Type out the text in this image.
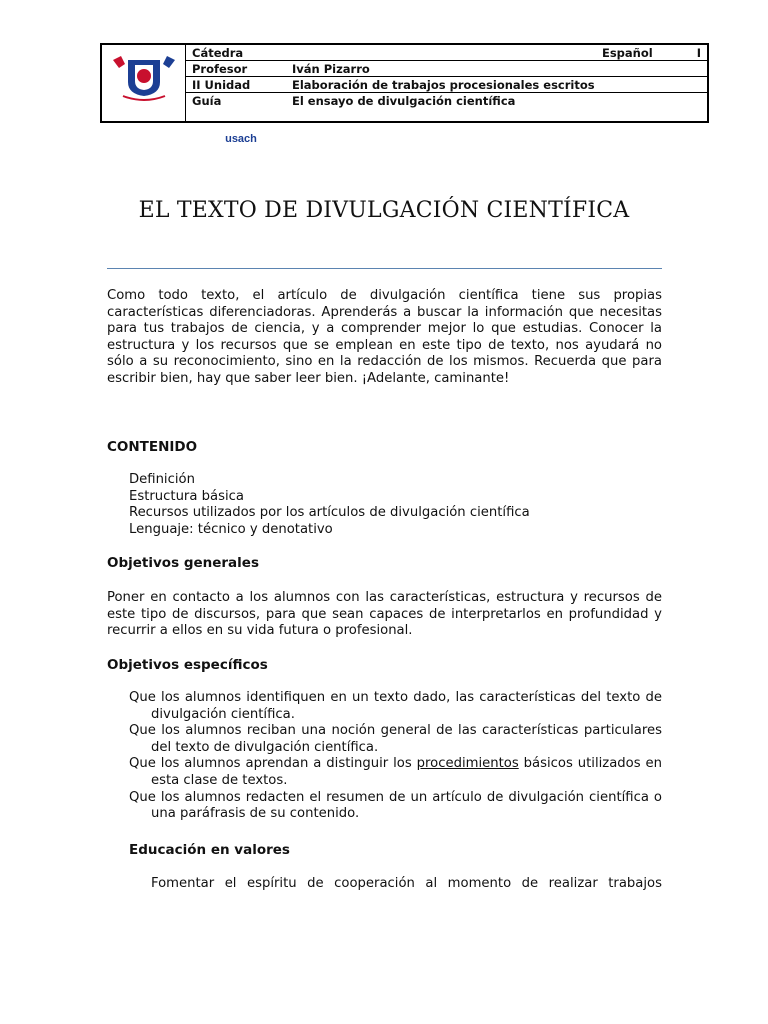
usach
Cátedra	Español	I
Profesor	Iván Pizarro
II Unidad	Elaboración de trabajos procesionales escritos
Guía	El ensayo de divulgación científica
EL TEXTO DE DIVULGACIÓN CIENTÍFICA
Como todo texto, el artículo de divulgación científica tiene sus propias características diferenciadoras. Aprenderás a buscar la información que necesitas para tus trabajos de ciencia, y a comprender mejor lo que estudias. Conocer la estructura y los recursos que se emplean en este tipo de texto, nos ayudará no sólo a su reconocimiento, sino en la redacción de los mismos. Recuerda que para escribir bien, hay que saber leer bien. ¡Adelante, caminante!
CONTENIDO
Definición
Estructura básica
Recursos utilizados por los artículos de divulgación científica
Lenguaje: técnico y denotativo
Objetivos generales
Poner en contacto a los alumnos con las características, estructura y recursos de este tipo de discursos, para que sean capaces de interpretarlos en profundidad y recurrir a ellos en su vida futura o profesional.
Objetivos específicos
Que los alumnos identifiquen en un texto dado, las características del texto de divulgación científica.
Que los alumnos reciban una noción general de las características particulares del texto de divulgación científica.
Que los alumnos aprendan a distinguir los procedimientos básicos utilizados en esta clase de textos.
Que los alumnos redacten el resumen de un artículo de divulgación científica o una paráfrasis de su contenido.
Educación en valores
Fomentar el espíritu de cooperación al momento de realizar trabajos
